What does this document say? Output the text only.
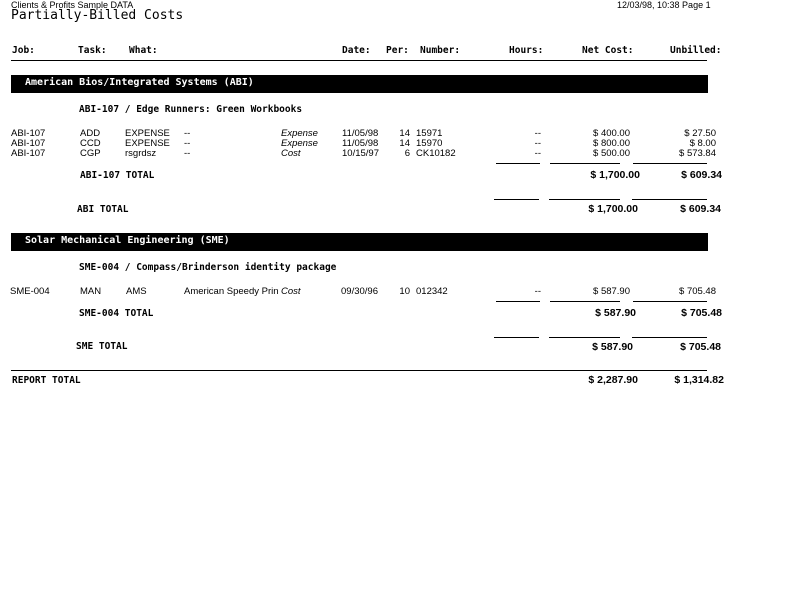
Clients & Profits Sample DATA
Partially-Billed Costs
12/03/98, 10:38 Page 1
Job:	Task: What:	Date: Per: Number:	Hours:	Net Cost:	Unbilled:
American Bios/Integrated Systems (ABI)
ABI-107 / Edge Runners: Green Workbooks
ABI-107	ADD	EXPENSE --	Expense	11/05/98	14 15971	--	$ 400.00	$ 27.50
ABI-107	CCD	EXPENSE --	Expense	11/05/98	14 15970	--	$ 800.00	$ 8.00
ABI-107	CGP	rsgrdsz	--	Cost	10/15/97	6 CK10182	--	$ 500.00	$ 573.84
ABI-107 TOTAL	$ 1,700.00	$ 609.34
ABI TOTAL	$ 1,700.00	$ 609.34
Solar Mechanical Engineering (SME)
SME-004 / Compass/Brinderson identity package
SME-004	MAN	AMS	American Speedy Prin Cost	09/30/96	10 012342	--	$ 587.90	$ 705.48
SME-004 TOTAL	$ 587.90	$ 705.48
SME TOTAL	$ 587.90	$ 705.48
REPORT TOTAL	$ 2,287.90	$ 1,314.82
